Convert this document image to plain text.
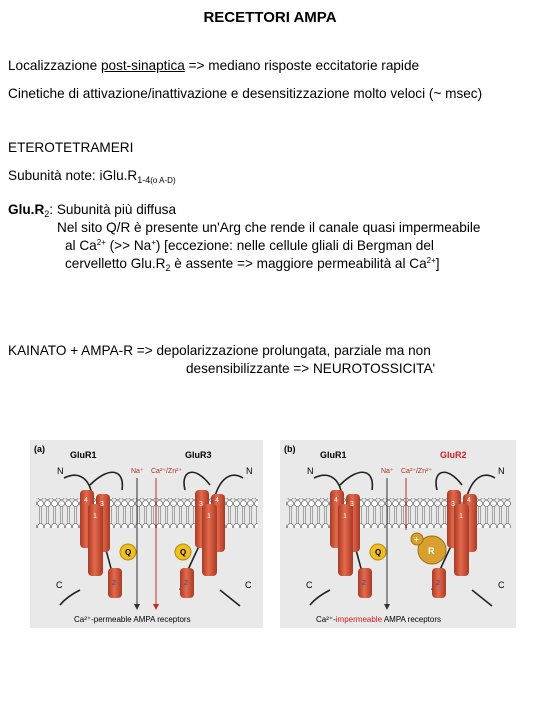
RECETTORI AMPA
Localizzazione post-sinaptica => mediano risposte eccitatorie rapide
Cinetiche di attivazione/inattivazione e desensitizzazione molto veloci (~ msec)
ETEROTETRAMERI
Subunità note: $iGlu.R_{1-4(o A-D)}$
$Glu.R_2$: Subunità più diffusa
Nel sito Q/R è presente un'Arg che rende il canale quasi impermeabile
al $Ca^{2+}$ (>> Na+) [eccezione: nelle cellule gliali di Bergman del
cervelletto $Glu.R_2$ è assente => maggiore permeabilità al $Ca^{2+}$]
KAINATO + AMPA-R => depolarizzazione prolungata, parziale ma non
desensibilizzante => NEUROTOSSICITA'
(a)
GluR1	GluR3
Na⁺ Ca²⁺/Zn²⁺
N	N
4
3
1
2
3
4
1
2
Q	Q
C	C
Ca²⁺-permeable AMPA receptors
(b)
GluR1	GluR2
Na⁺ Ca²⁺/Zn²⁺
N	N
4
3
1
2
3
4
1
2
Q	R
+
C	C
Ca²⁺-impermeable AMPA receptors
